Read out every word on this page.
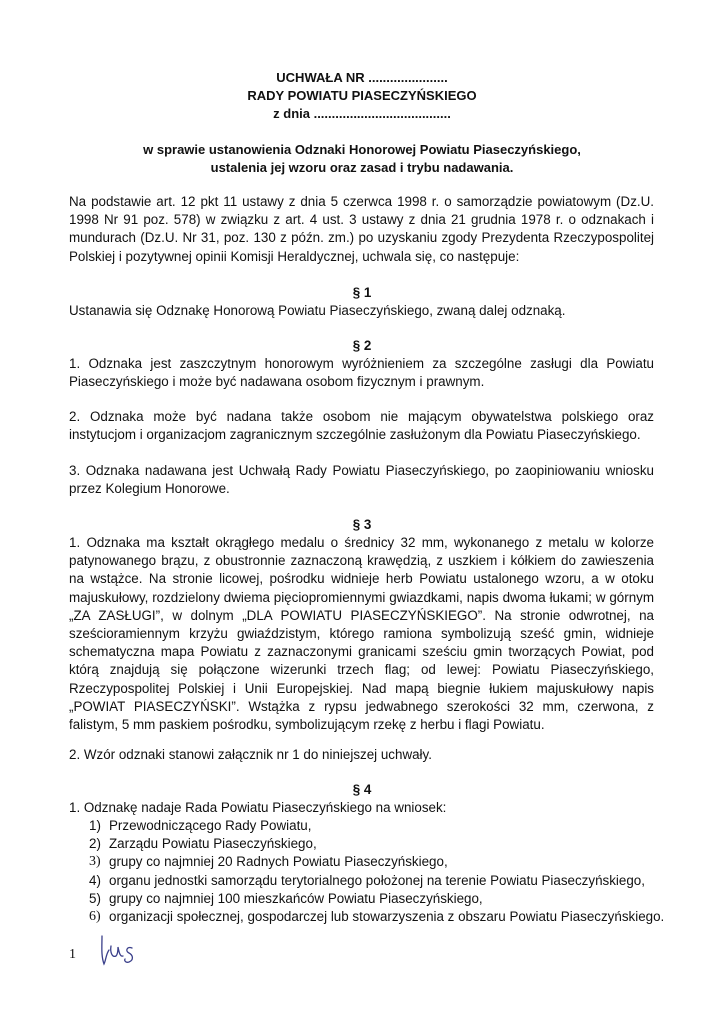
UCHWAŁA NR ......................
RADY POWIATU PIASECZYŃSKIEGO
z dnia ......................................
w sprawie ustanowienia Odznaki Honorowej Powiatu Piaseczyńskiego,
ustalenia jej wzoru oraz zasad i trybu nadawania.
Na podstawie art. 12 pkt 11 ustawy z dnia 5 czerwca 1998 r. o samorządzie powiatowym (Dz.U. 1998 Nr 91 poz. 578) w związku z art. 4 ust. 3 ustawy z dnia 21 grudnia 1978 r. o odznakach i mundurach (Dz.U. Nr 31, poz. 130 z późn. zm.) po uzyskaniu zgody Prezydenta Rzeczypospolitej Polskiej i pozytywnej opinii Komisji Heraldycznej, uchwala się, co następuje:
§ 1
Ustanawia się Odznakę Honorową Powiatu Piaseczyńskiego, zwaną dalej odznaką.
§ 2
1. Odznaka jest zaszczytnym honorowym wyróżnieniem za szczególne zasługi dla Powiatu Piaseczyńskiego i może być nadawana osobom fizycznym i prawnym.
2. Odznaka może być nadana także osobom nie mającym obywatelstwa polskiego oraz instytucjom i organizacjom zagranicznym szczególnie zasłużonym dla Powiatu Piaseczyńskiego.
3. Odznaka nadawana jest Uchwałą Rady Powiatu Piaseczyńskiego, po zaopiniowaniu wniosku przez Kolegium Honorowe.
§ 3
1. Odznaka ma kształt okrągłego medalu o średnicy 32 mm, wykonanego z metalu w kolorze patynowanego brązu, z obustronnie zaznaczoną krawędzią, z uszkiem i kółkiem do zawieszenia na wstążce. Na stronie licowej, pośrodku widnieje herb Powiatu ustalonego wzoru, a w otoku majuskułowy, rozdzielony dwiema pięciopromiennymi gwiazdkami, napis dwoma łukami; w górnym „ZA ZASŁUGI”, w dolnym „DLA POWIATU PIASECZYŃSKIEGO”. Na stronie odwrotnej, na sześcioramiennym krzyżu gwiaździstym, którego ramiona symbolizują sześć gmin, widnieje schematyczna mapa Powiatu z zaznaczonymi granicami sześciu gmin tworzących Powiat, pod którą znajdują się połączone wizerunki trzech flag; od lewej: Powiatu Piaseczyńskiego, Rzeczypospolitej Polskiej i Unii Europejskiej. Nad mapą biegnie łukiem majuskułowy napis „POWIAT PIASECZYŃSKI”. Wstążka z rypsu jedwabnego szerokości 32 mm, czerwona, z falistym, 5 mm paskiem pośrodku, symbolizującym rzekę z herbu i flagi Powiatu.
2. Wzór odznaki stanowi załącznik nr 1 do niniejszej uchwały.
§ 4
1. Odznakę nadaje Rada Powiatu Piaseczyńskiego na wniosek:
1) Przewodniczącego Rady Powiatu,
2) Zarządu Powiatu Piaseczyńskiego,
3) grupy co najmniej 20 Radnych Powiatu Piaseczyńskiego,
4) organu jednostki samorządu terytorialnego położonej na terenie Powiatu Piaseczyńskiego,
5) grupy co najmniej 100 mieszkańców Powiatu Piaseczyńskiego,
6) organizacji społecznej, gospodarczej lub stowarzyszenia z obszaru Powiatu Piaseczyńskiego.
1
